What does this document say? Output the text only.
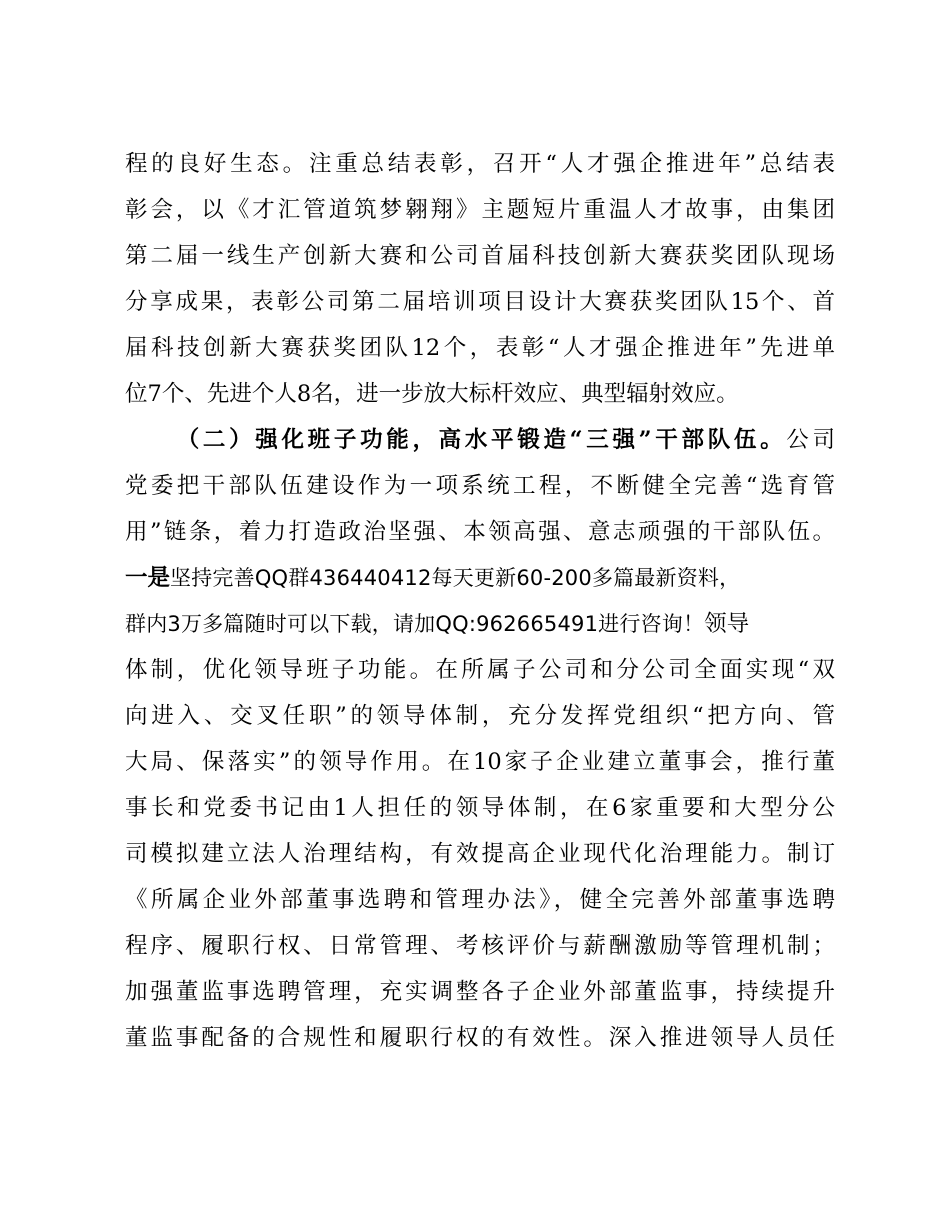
程的良好生态。注重总结表彰，召开“人才强企推进年”总结表
彰会，以《才汇管道筑梦翱翔》主题短片重温人才故事，由集团
第二届一线生产创新大赛和公司首届科技创新大赛获奖团队现场
分享成果，表彰公司第二届培训项目设计大赛获奖团队15个、首
届科技创新大赛获奖团队12个，表彰“人才强企推进年”先进单
位7个、先进个人8名，进一步放大标杆效应、典型辐射效应。
（二）强化班子功能，高水平锻造“三强”干部队伍。公司
党委把干部队伍建设作为一项系统工程，不断健全完善“选育管
用”链条，着力打造政治坚强、本领高强、意志顽强的干部队伍。
一是坚持完善QQ群436440412每天更新60-200多篇最新资料，
群内3万多篇随时可以下载，请加QQ:962665491进行咨询！领导
体制，优化领导班子功能。在所属子公司和分公司全面实现“双
向进入、交叉任职”的领导体制，充分发挥党组织“把方向、管
大局、保落实”的领导作用。在10家子企业建立董事会，推行董
事长和党委书记由1人担任的领导体制，在6家重要和大型分公
司模拟建立法人治理结构，有效提高企业现代化治理能力。制订
《所属企业外部董事选聘和管理办法》，健全完善外部董事选聘
程序、履职行权、日常管理、考核评价与薪酬激励等管理机制；
加强董监事选聘管理，充实调整各子企业外部董监事，持续提升
董监事配备的合规性和履职行权的有效性。深入推进领导人员任
